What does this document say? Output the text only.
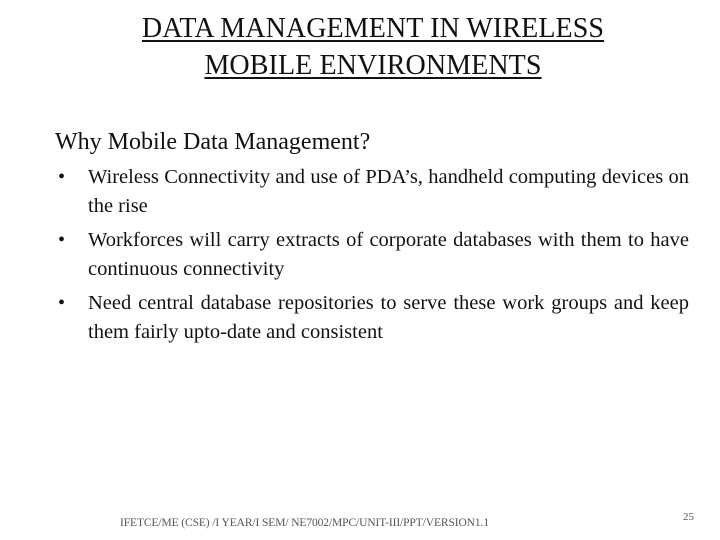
DATA MANAGEMENT IN WIRELESS
MOBILE ENVIRONMENTS
Why Mobile Data Management?
• Wireless Connectivity and use of PDA’s, handheld computing devices on the rise
• Workforces will carry extracts of corporate databases with them to have continuous connectivity
• Need central database repositories to serve these work groups and keep them fairly upto-date and consistent
IFETCE/ME (CSE) /I YEAR/I SEM/ NE7002/MPC/UNIT-III/PPT/VERSION1.1	25
